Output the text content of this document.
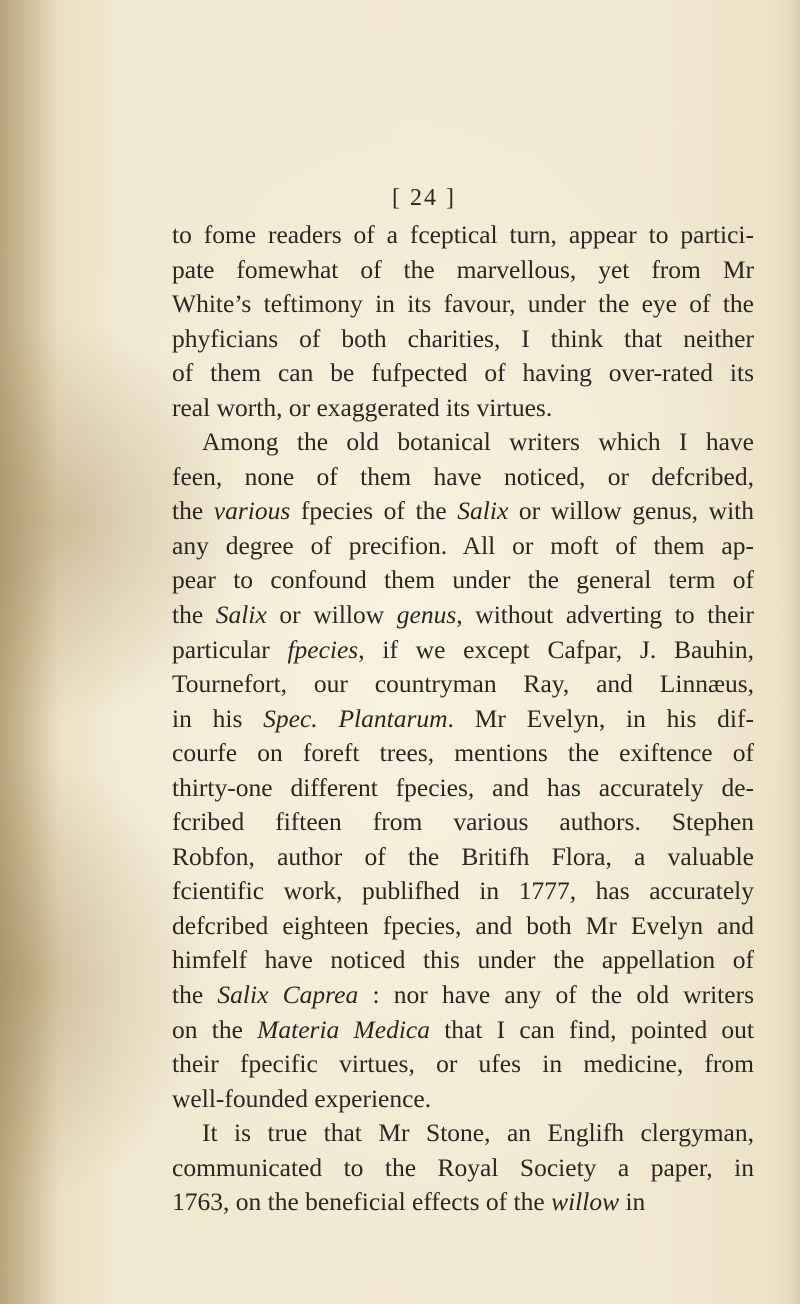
[ 24 ]
to fome readers of a fceptical turn, appear to partici-
pate fomewhat of the marvellous, yet from Mr
White’s teftimony in its favour, under the eye of the
phyficians of both charities, I think that neither
of them can be fufpected of having over-rated its
real worth, or exaggerated its virtues.
Among the old botanical writers which I have
feen, none of them have noticed, or defcribed,
the various fpecies of the Salix or willow genus, with
any degree of precifion. All or moft of them ap-
pear to confound them under the general term of
the Salix or willow genus, without adverting to their
particular fpecies, if we except Cafpar, J. Bauhin,
Tournefort, our countryman Ray, and Linnæus,
in his Spec. Plantarum. Mr Evelyn, in his dif-
courfe on foreft trees, mentions the exiftence of
thirty-one different fpecies, and has accurately de-
fcribed fifteen from various authors. Stephen
Robfon, author of the Britifh Flora, a valuable
fcientific work, publifhed in 1777, has accurately
defcribed eighteen fpecies, and both Mr Evelyn and
himfelf have noticed this under the appellation of
the Salix Caprea : nor have any of the old writers
on the Materia Medica that I can find, pointed out
their fpecific virtues, or ufes in medicine, from
well-founded experience.
It is true that Mr Stone, an Englifh clergyman,
communicated to the Royal Society a paper, in
1763, on the beneficial effects of the willow in
